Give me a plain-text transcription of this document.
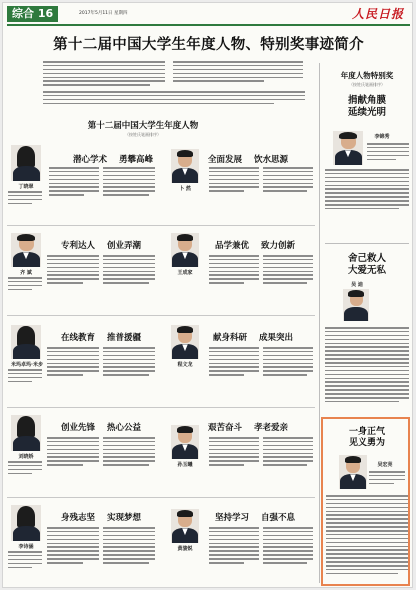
综合 16	2017年5月11日 星期四	人民日报
第十二届中国大学生年度人物、特别奖事迹简介
第十二届中国大学生年度人物
（按姓氏笔画排序）
丁晓翠
潜心学术 勇攀高峰
卜 然
全面发展 饮水思源
齐 斌
专利达人 创业弄潮
王成家
品学兼优 致力创新
米玛卓玛·米步
在线教育 推普援疆
程文龙
献身科研 成果突出
刘晓娇
创业先锋 热心公益
孙玉曦
艰苦奋斗 孝老爱亲
李诗涵
身残志坚 实现梦想
黄骏锐
坚持学习 自强不息
年度人物特别奖
（按姓氏笔画排序）
捐献角膜
延续光明
李锦秀
舍己救人
大爱无私
吴 迪
一身正气
见义勇为
吴宏亮
